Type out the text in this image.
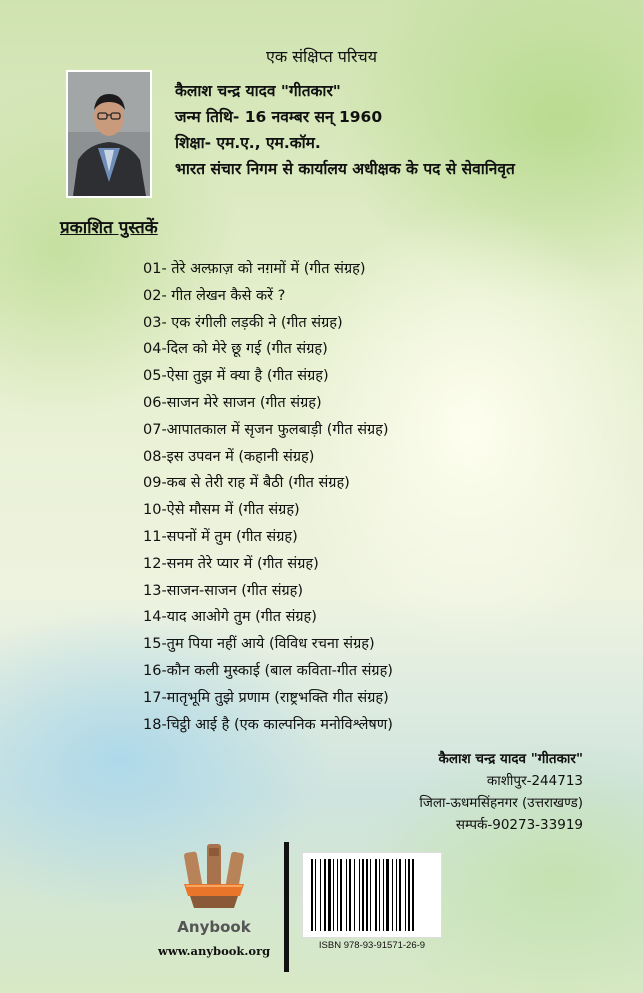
एक संक्षिप्त परिचय
कैलाश चन्द्र यादव "गीतकार"
जन्म तिथि- 16 नवम्बर सन् 1960
शिक्षा- एम.ए., एम.कॉम.
भारत संचार निगम से कार्यालय अधीक्षक के पद से सेवानिवृत
प्रकाशित पुस्तकें
01- तेरे अल्फ़ाज़ को नग़मों में (गीत संग्रह)
02- गीत लेखन कैसे करें ?
03- एक रंगीली लड़की ने (गीत संग्रह)
04-दिल को मेरे छू गई (गीत संग्रह)
05-ऐसा तुझ में क्या है (गीत संग्रह)
06-साजन मेरे साजन (गीत संग्रह)
07-आपातकाल में सृजन फुलबाड़ी (गीत संग्रह)
08-इस उपवन में (कहानी संग्रह)
09-कब से तेरी राह में बैठी (गीत संग्रह)
10-ऐसे मौसम में (गीत संग्रह)
11-सपनों में तुम (गीत संग्रह)
12-सनम तेरे प्यार में (गीत संग्रह)
13-साजन-साजन (गीत संग्रह)
14-याद आओगे तुम (गीत संग्रह)
15-तुम पिया नहीं आये (विविध रचना संग्रह)
16-कौन कली मुस्काई (बाल कविता-गीत संग्रह)
17-मातृभूमि तुझे प्रणाम (राष्ट्रभक्ति गीत संग्रह)
18-चिट्ठी आई है (एक काल्पनिक मनोविश्लेषण)
कैलाश चन्द्र यादव "गीतकार"
काशीपुर-244713
जिला-ऊधमसिंहनगर (उत्तराखण्ड)
सम्पर्क-90273-33919
Anybook
www.anybook.org	ISBN 978-93-91571-26-9
